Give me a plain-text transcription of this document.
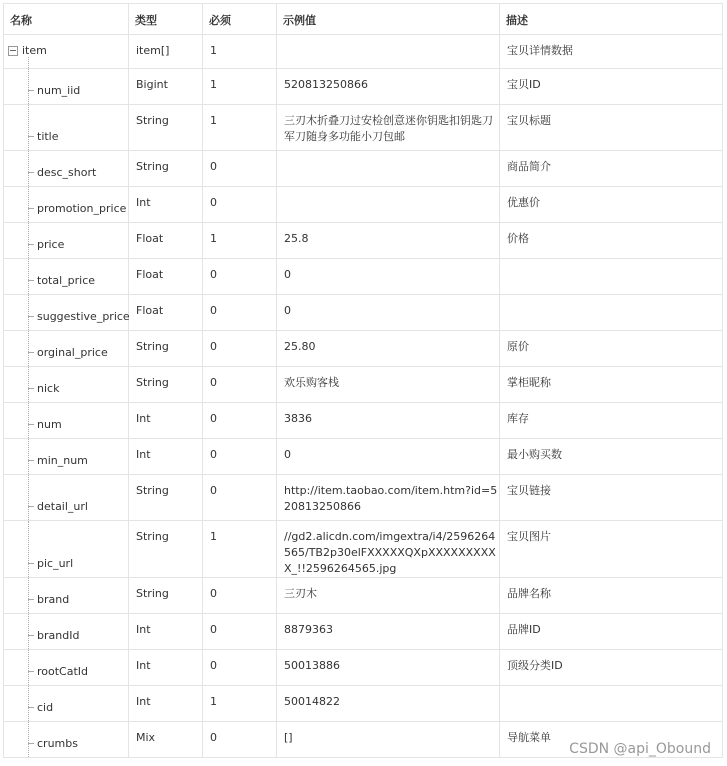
名称	类型	必须	示例值	描述

item	item[]	1		宝贝详情数据

num_iid	Bigint	1	520813250866	宝贝ID

title	String	1	三刃木折叠刀过安检创意迷你钥匙扣钥匙刀军刀随身多功能小刀包邮	宝贝标题

desc_short	String	0		商品简介

promotion_price	Int	0		优惠价

price	Float	1	25.8	价格

total_price	Float	0	0	

suggestive_price	Float	0	0	

orginal_price	String	0	25.80	原价

nick	String	0	欢乐购客栈	掌柜昵称

num	Int	0	3836	库存

min_num	Int	0	0	最小购买数

detail_url	String	0	http://item.taobao.com/item.htm?id=520813250866	宝贝链接

pic_url	String	1	//gd2.alicdn.com/imgextra/i4/2596264565/TB2p30elFXXXXXQXpXXXXXXXXXX_!!2596264565.jpg	宝贝图片

brand	String	0	三刃木	品牌名称

brandId	Int	0	8879363	品牌ID

rootCatId	Int	0	50013886	顶级分类ID

cid	Int	1	50014822	

crumbs	Mix	0	[]	导航菜单
CSDN @api_Obound
